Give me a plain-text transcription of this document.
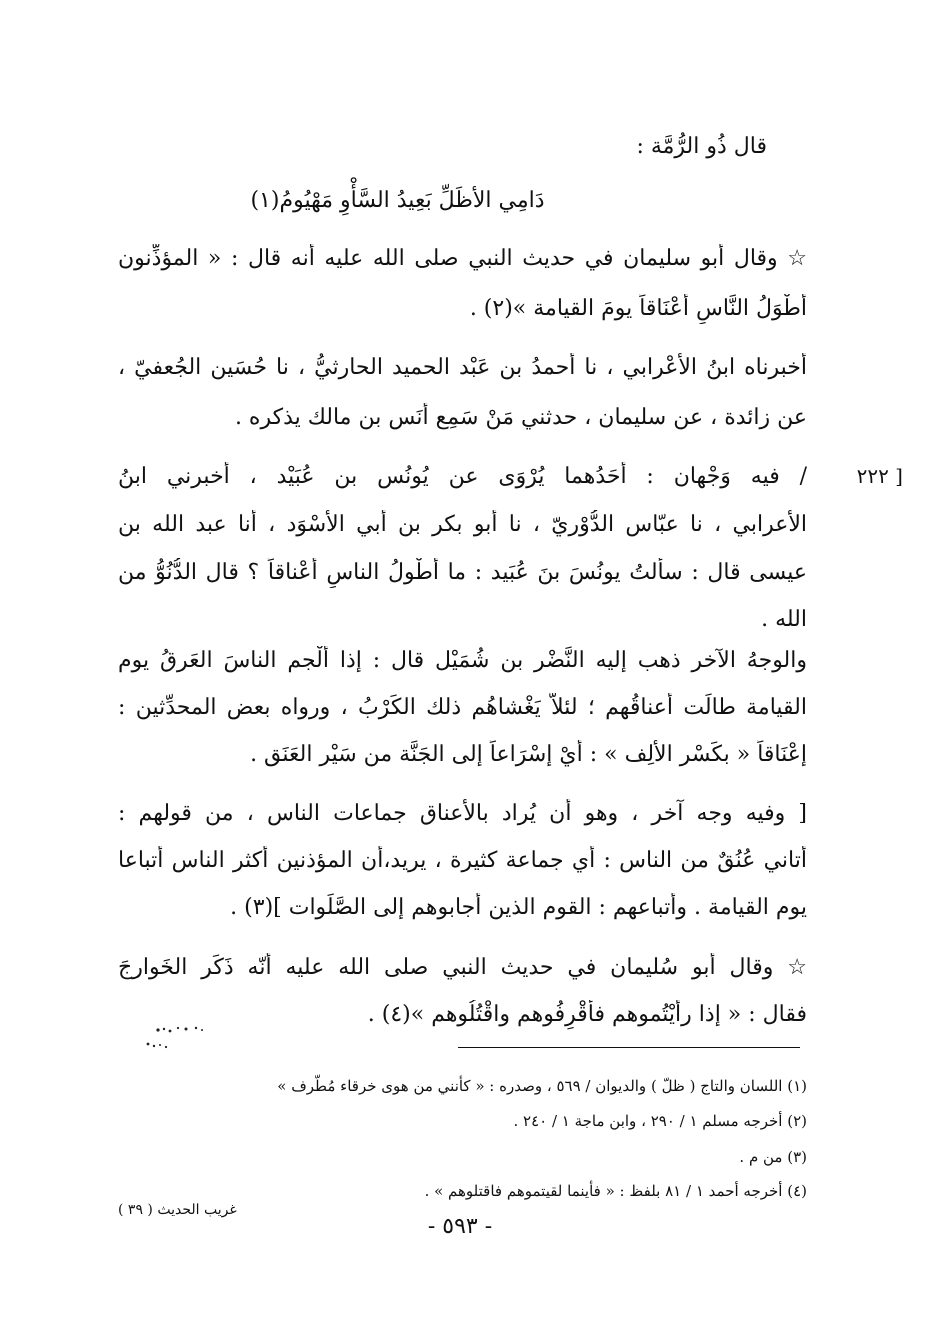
قال ذُو الرُّمَّة :
دَامِي الأظَلِّ بَعِيدُ السَّأْوِ مَهْيُومُ(١)
☆ وقال أبو سليمان في حديث النبي صلى الله عليه أنه قال : « المؤذِّنون
أطْوَلُ النَّاسِ أَعْنَاقاً يومَ القيامة »(٢) .
أخبرناه ابنُ الأعْرابي ، نا أحمدُ بن عَبْد الحميد الحارثيُّ ، نا حُسَين الجُعفيّ ،
عن زائدة ، عن سليمان ، حدثني مَنْ سَمِع أَنَس بن مالك يذكره .
[ ٢٢٢
/ فيه وَجْهان : أحَدُهما يُرْوَى عن يُونُس بن عُبَيْد ، أخبرني ابنُ
الأعرابي ، نا عبّاس الدُّوْريّ ، نا أبو بكر بن أبي الأسْوَد ، أنا عبد الله بن
عيسى قال : سألتُ يونُسَ بنَ عُبَيد : ما أطْولُ الناسِ أعْناقاً ؟ قال الدُّنُوُّ من
الله .
والوجهُ الآخر ذهب إليه النَّضْر بن شُمَيْل قال : إذا ألْجم الناسَ العَرقُ يوم
القيامة طالَت أعناقُهم ؛ لئلاّ يَغْشاهُم ذلك الكَرْبُ ، ورواه بعض المحدِّثين :
إعْنَاقاً « بكَسْر الألِف » : أيْ إسْرَاعاً إلى الجَنَّة من سَيْر العَنَق .
[ وفيه وجه آخر ، وهو أن يُراد بالأعناق جماعات الناس ، من قولهم :
أتاني عُنُقٌ من الناس : أي جماعة كثيرة ، يريد،أن المؤذنين أكثر الناس أتباعا
يوم القيامة . وأتباعهم : القوم الذين أجابوهم إلى الصَّلَوات ](٣) .
☆ وقال أبو سُليمان في حديث النبي صلى الله عليه أنّه ذَكَر الخَوارجَ
فقال : « إذا رأيْتُموهم فأقْرِفُوهم واقْتُلُوهم »(٤) .
(١) اللسان والتاج ( ظلّ ) والديوان / ٥٦٩ ، وصدره : « كأنني من هوى خرقاء مُطّرف »
(٢) أخرجه مسلم ١ / ٢٩٠ ، وابن ماجة ١ / ٢٤٠ .
(٣) من م .
(٤) أخرجه أحمد ١ / ٨١ بلفظ : « فأينما لقيتموهم فاقتلوهم » .
غريب الحديث ( ٣٩ )
- ٥٩٣ -
